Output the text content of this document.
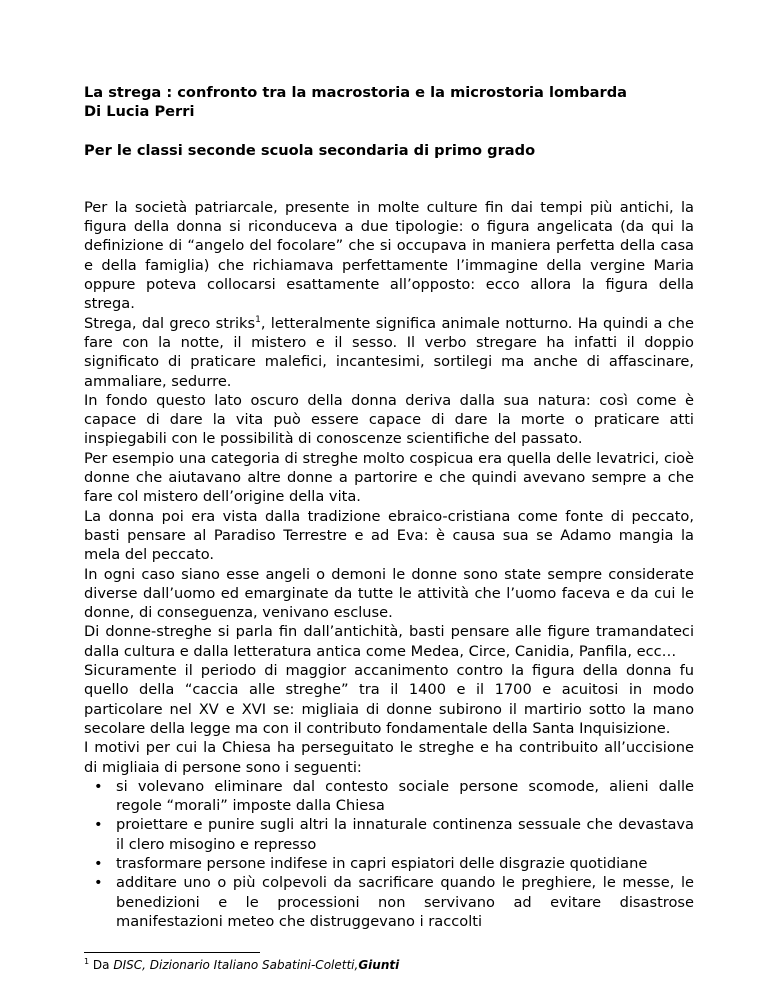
La strega : confronto tra la macrostoria e la microstoria lombarda

Di Lucia Perri

Per le classi seconde scuola secondaria di primo grado

Per la società patriarcale, presente in molte culture fin dai tempi più antichi, la figura della donna si riconduceva a due tipologie: o figura angelicata (da qui la definizione di “angelo del focolare” che si occupava in maniera perfetta della casa e della famiglia) che richiamava perfettamente l’immagine della vergine Maria oppure poteva collocarsi esattamente all’opposto: ecco allora la figura della strega.

Strega, dal greco striks$^1$, letteralmente significa animale notturno. Ha quindi a che fare con la notte, il mistero e il sesso. Il verbo stregare ha infatti il doppio significato di praticare malefici, incantesimi, sortilegi ma anche di affascinare, ammaliare, sedurre.

In fondo questo lato oscuro della donna deriva dalla sua natura: così come è capace di dare la vita può essere capace di dare la morte o praticare atti inspiegabili con le possibilità di conoscenze scientifiche del passato.

Per esempio una categoria di streghe molto cospicua era quella delle levatrici, cioè donne che aiutavano altre donne a partorire e che quindi avevano sempre a che fare col mistero dell’origine della vita.

La donna poi era vista dalla tradizione ebraico-cristiana come fonte di peccato, basti pensare al Paradiso Terrestre e ad Eva: è causa sua se Adamo mangia la mela del peccato.

In ogni caso siano esse angeli o demoni le donne sono state sempre considerate diverse dall’uomo ed emarginate da tutte le attività che l’uomo faceva e da cui le donne, di conseguenza, venivano escluse.

Di donne-streghe si parla fin dall’antichità, basti pensare alle figure tramandateci dalla cultura e dalla letteratura antica come Medea, Circe, Canidia, Panfila, ecc…

Sicuramente il periodo di maggior accanimento contro la figura della donna fu quello della “caccia alle streghe” tra il 1400 e il 1700 e acuitosi in modo particolare nel XV e XVI se: migliaia di donne subirono il martirio sotto la mano secolare della legge ma con il contributo fondamentale della Santa Inquisizione.

I motivi per cui la Chiesa ha perseguitato le streghe e ha contribuito all’uccisione di migliaia di persone sono i seguenti:

• si volevano eliminare dal contesto sociale persone scomode, alieni dalle regole “morali” imposte dalla Chiesa
• proiettare e punire sugli altri la innaturale continenza sessuale che devastava il clero misogino e represso
• trasformare persone indifese in capri espiatori delle disgrazie quotidiane
• additare uno o più colpevoli da sacrificare quando le preghiere, le messe, le benedizioni e le processioni non servivano ad evitare disastrose manifestazioni meteo che distruggevano i raccolti
$^1$ Da DISC, Dizionario Italiano Sabatini-Coletti,Giunti
